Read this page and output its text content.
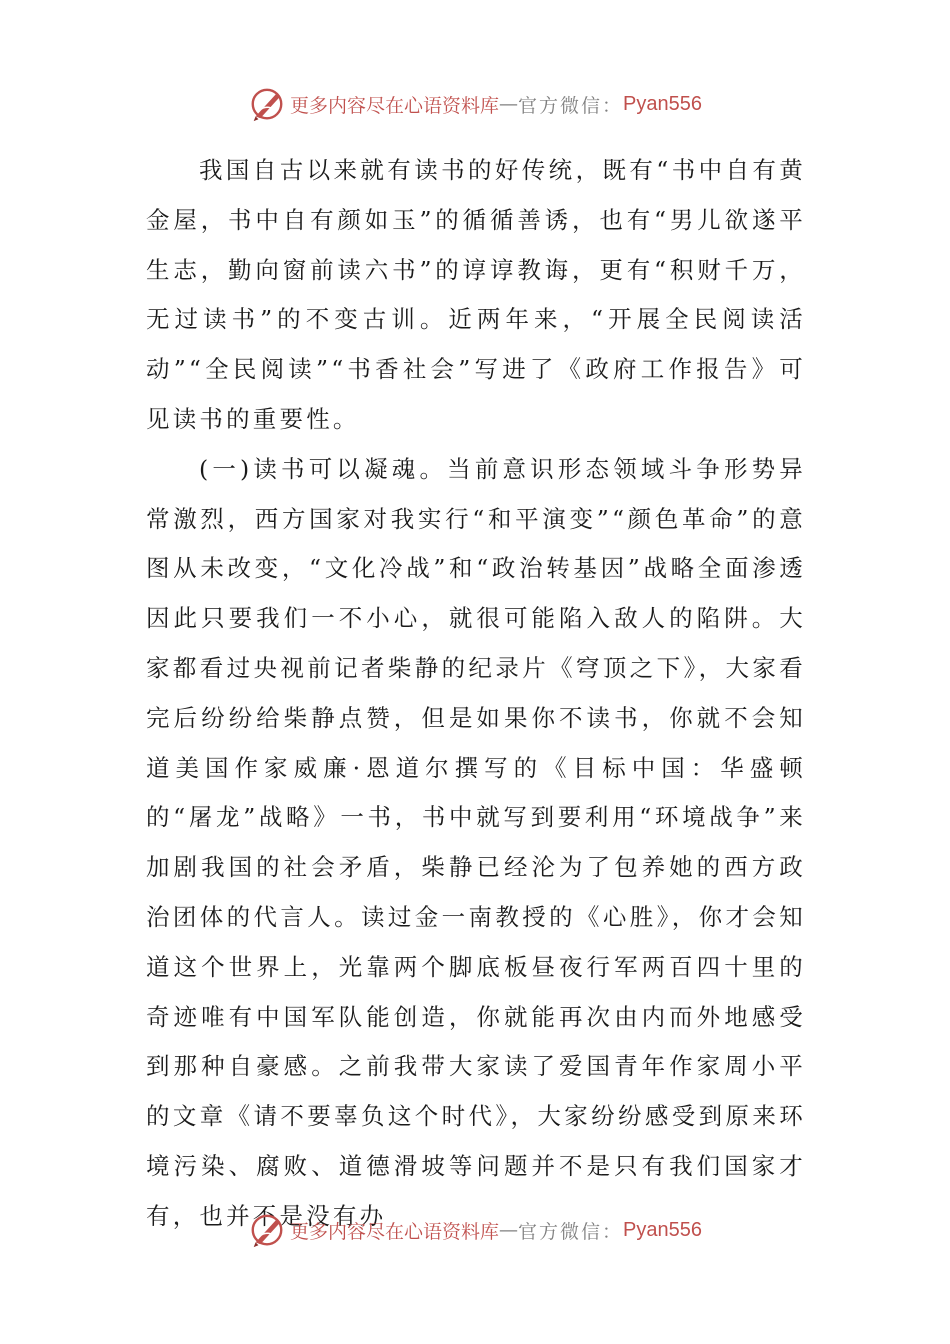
更多内容尽在心语资料库 — 官方微信： Pyan556

我国自古以来就有读书的好传统，既有“书中自有黄金屋，书中自有颜如玉”的循循善诱，也有“男儿欲遂平生志，勤向窗前读六书”的谆谆教诲，更有“积财千万，无过读书”的不变古训。近两年来，“开展全民阅读活动”“全民阅读”“书香社会”写进了《政府工作报告》可见读书的重要性。

(一)读书可以凝魂。当前意识形态领域斗争形势异常激烈，西方国家对我实行“和平演变”“颜色革命”的意图从未改变，“文化冷战”和“政治转基因”战略全面渗透因此只要我们一不小心，就很可能陷入敌人的陷阱。大家都看过央视前记者柴静的纪录片《穹顶之下》，大家看完后纷纷给柴静点赞，但是如果你不读书，你就不会知道美国作家威廉·恩道尔撰写的《目标中国：华盛顿的“屠龙”战略》一书，书中就写到要利用“环境战争”来加剧我国的社会矛盾，柴静已经沦为了包养她的西方政治团体的代言人。读过金一南教授的《心胜》，你才会知道这个世界上，光靠两个脚底板昼夜行军两百四十里的奇迹唯有中国军队能创造，你就能再次由内而外地感受到那种自豪感。之前我带大家读了爱国青年作家周小平的文章《请不要辜负这个时代》，大家纷纷感受到原来环境污染、腐败、道德滑坡等问题并不是只有我们国家才有，也并不是没有办

更多内容尽在心语资料库 — 官方微信： Pyan556
